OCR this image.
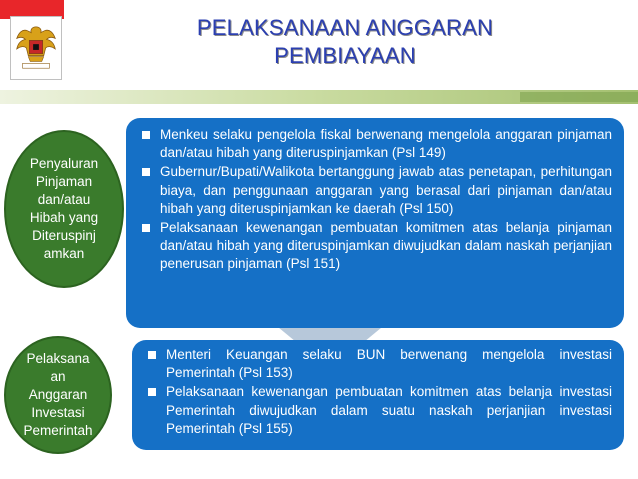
PELAKSANAAN ANGGARAN
PEMBIAYAAN
Penyaluran
Pinjaman
dan/atau
Hibah yang
Diteruspinj
amkan
Menkeu selaku pengelola fiskal berwenang mengelola anggaran pinjaman dan/atau hibah yang diteruspinjamkan (Psl 149)
Gubernur/Bupati/Walikota bertanggung jawab atas penetapan, perhitungan biaya, dan penggunaan anggaran yang berasal dari pinjaman dan/atau hibah yang diteruspinjamkan ke daerah (Psl 150)
Pelaksanaan kewenangan pembuatan komitmen atas belanja pinjaman dan/atau hibah yang diteruspinjamkan diwujudkan dalam naskah perjanjian penerusan pinjaman (Psl 151)
Pelaksana
an
Anggaran
Investasi
Pemerintah
Menteri Keuangan selaku BUN berwenang mengelola investasi Pemerintah (Psl 153)
Pelaksanaan kewenangan pembuatan komitmen atas belanja investasi Pemerintah diwujudkan dalam suatu naskah perjanjian investasi Pemerintah (Psl 155)
